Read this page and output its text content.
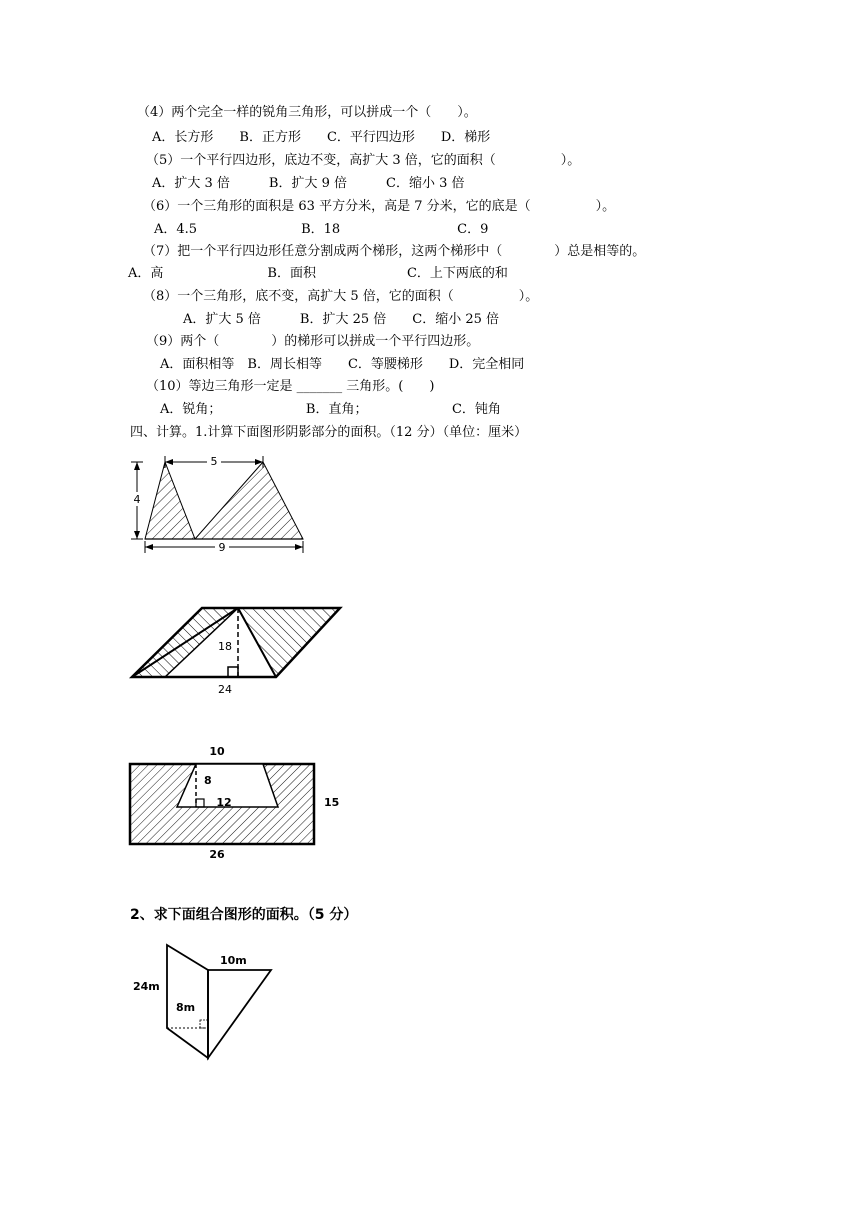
（4）两个完全一样的锐角三角形，可以拼成一个（　　）。
A．长方形　　B．正方形　　C．平行四边形　　D．梯形
（5）一个平行四边形，底边不变，高扩大 3 倍，它的面积（　　　　　）。
A．扩大 3 倍　　　B．扩大 9 倍　　　C．缩小 3 倍
（6）一个三角形的面积是 63 平方分米，高是 7 分米，它的底是（　　　　　）。
A．4.5　　　　　　　　B．18　　　　　　　　　C．9
（7）把一个平行四边形任意分割成两个梯形，这两个梯形中（　　　　）总是相等的。
A．高　　　　　　　　B．面积　　　　　　　C．上下两底的和
（8）一个三角形，底不变，高扩大 5 倍，它的面积（　　　　　）。
A．扩大 5 倍　　　B．扩大 25 倍　　C．缩小 25 倍
（9）两个（　　　　）的梯形可以拼成一个平行四边形。
A．面积相等　B．周长相等　　C．等腰梯形　　D．完全相同
（10）等边三角形一定是 _______ 三角形。(　　)
A．锐角；　　　　　　　B．直角；　　　　　　　C．钝角
四、计算。1.计算下面图形阴影部分的面积。（12 分）（单位：厘米）
5
4
9
18
24
10
8
12	15
26
2、求下面组合图形的面积。（5 分）
24m
10m
8m
